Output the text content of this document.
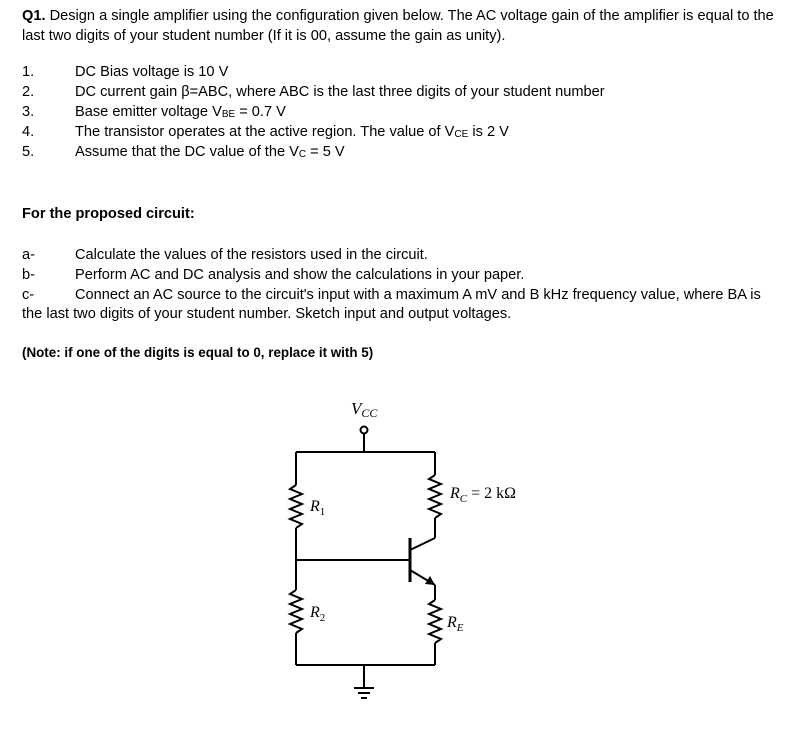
Q1. Design a single amplifier using the configuration given below. The AC voltage gain of the amplifier is equal to the last two digits of your student number (If it is 00, assume the gain as unity).
1.	DC Bias voltage is 10 V
2.	DC current gain β=ABC, where ABC is the last three digits of your student number
3.	Base emitter voltage $V_{BE} = 0.7$ V
4.	The transistor operates at the active region. The value of $V_{CE}$ is 2 V
5.	Assume that the DC value of the $V_C = 5$ V
For the proposed circuit:
a-	Calculate the values of the resistors used in the circuit.
b-	Perform AC and DC analysis and show the calculations in your paper.
c-	Connect an AC source to the circuit's input with a maximum A mV and B kHz frequency value, where BA is
the last two digits of your student number. Sketch input and output voltages.
(Note: if one of the digits is equal to 0, replace it with 5)
VCC
$R_1$
$R_2$
$R_C = 2$ kΩ
$R_E$
